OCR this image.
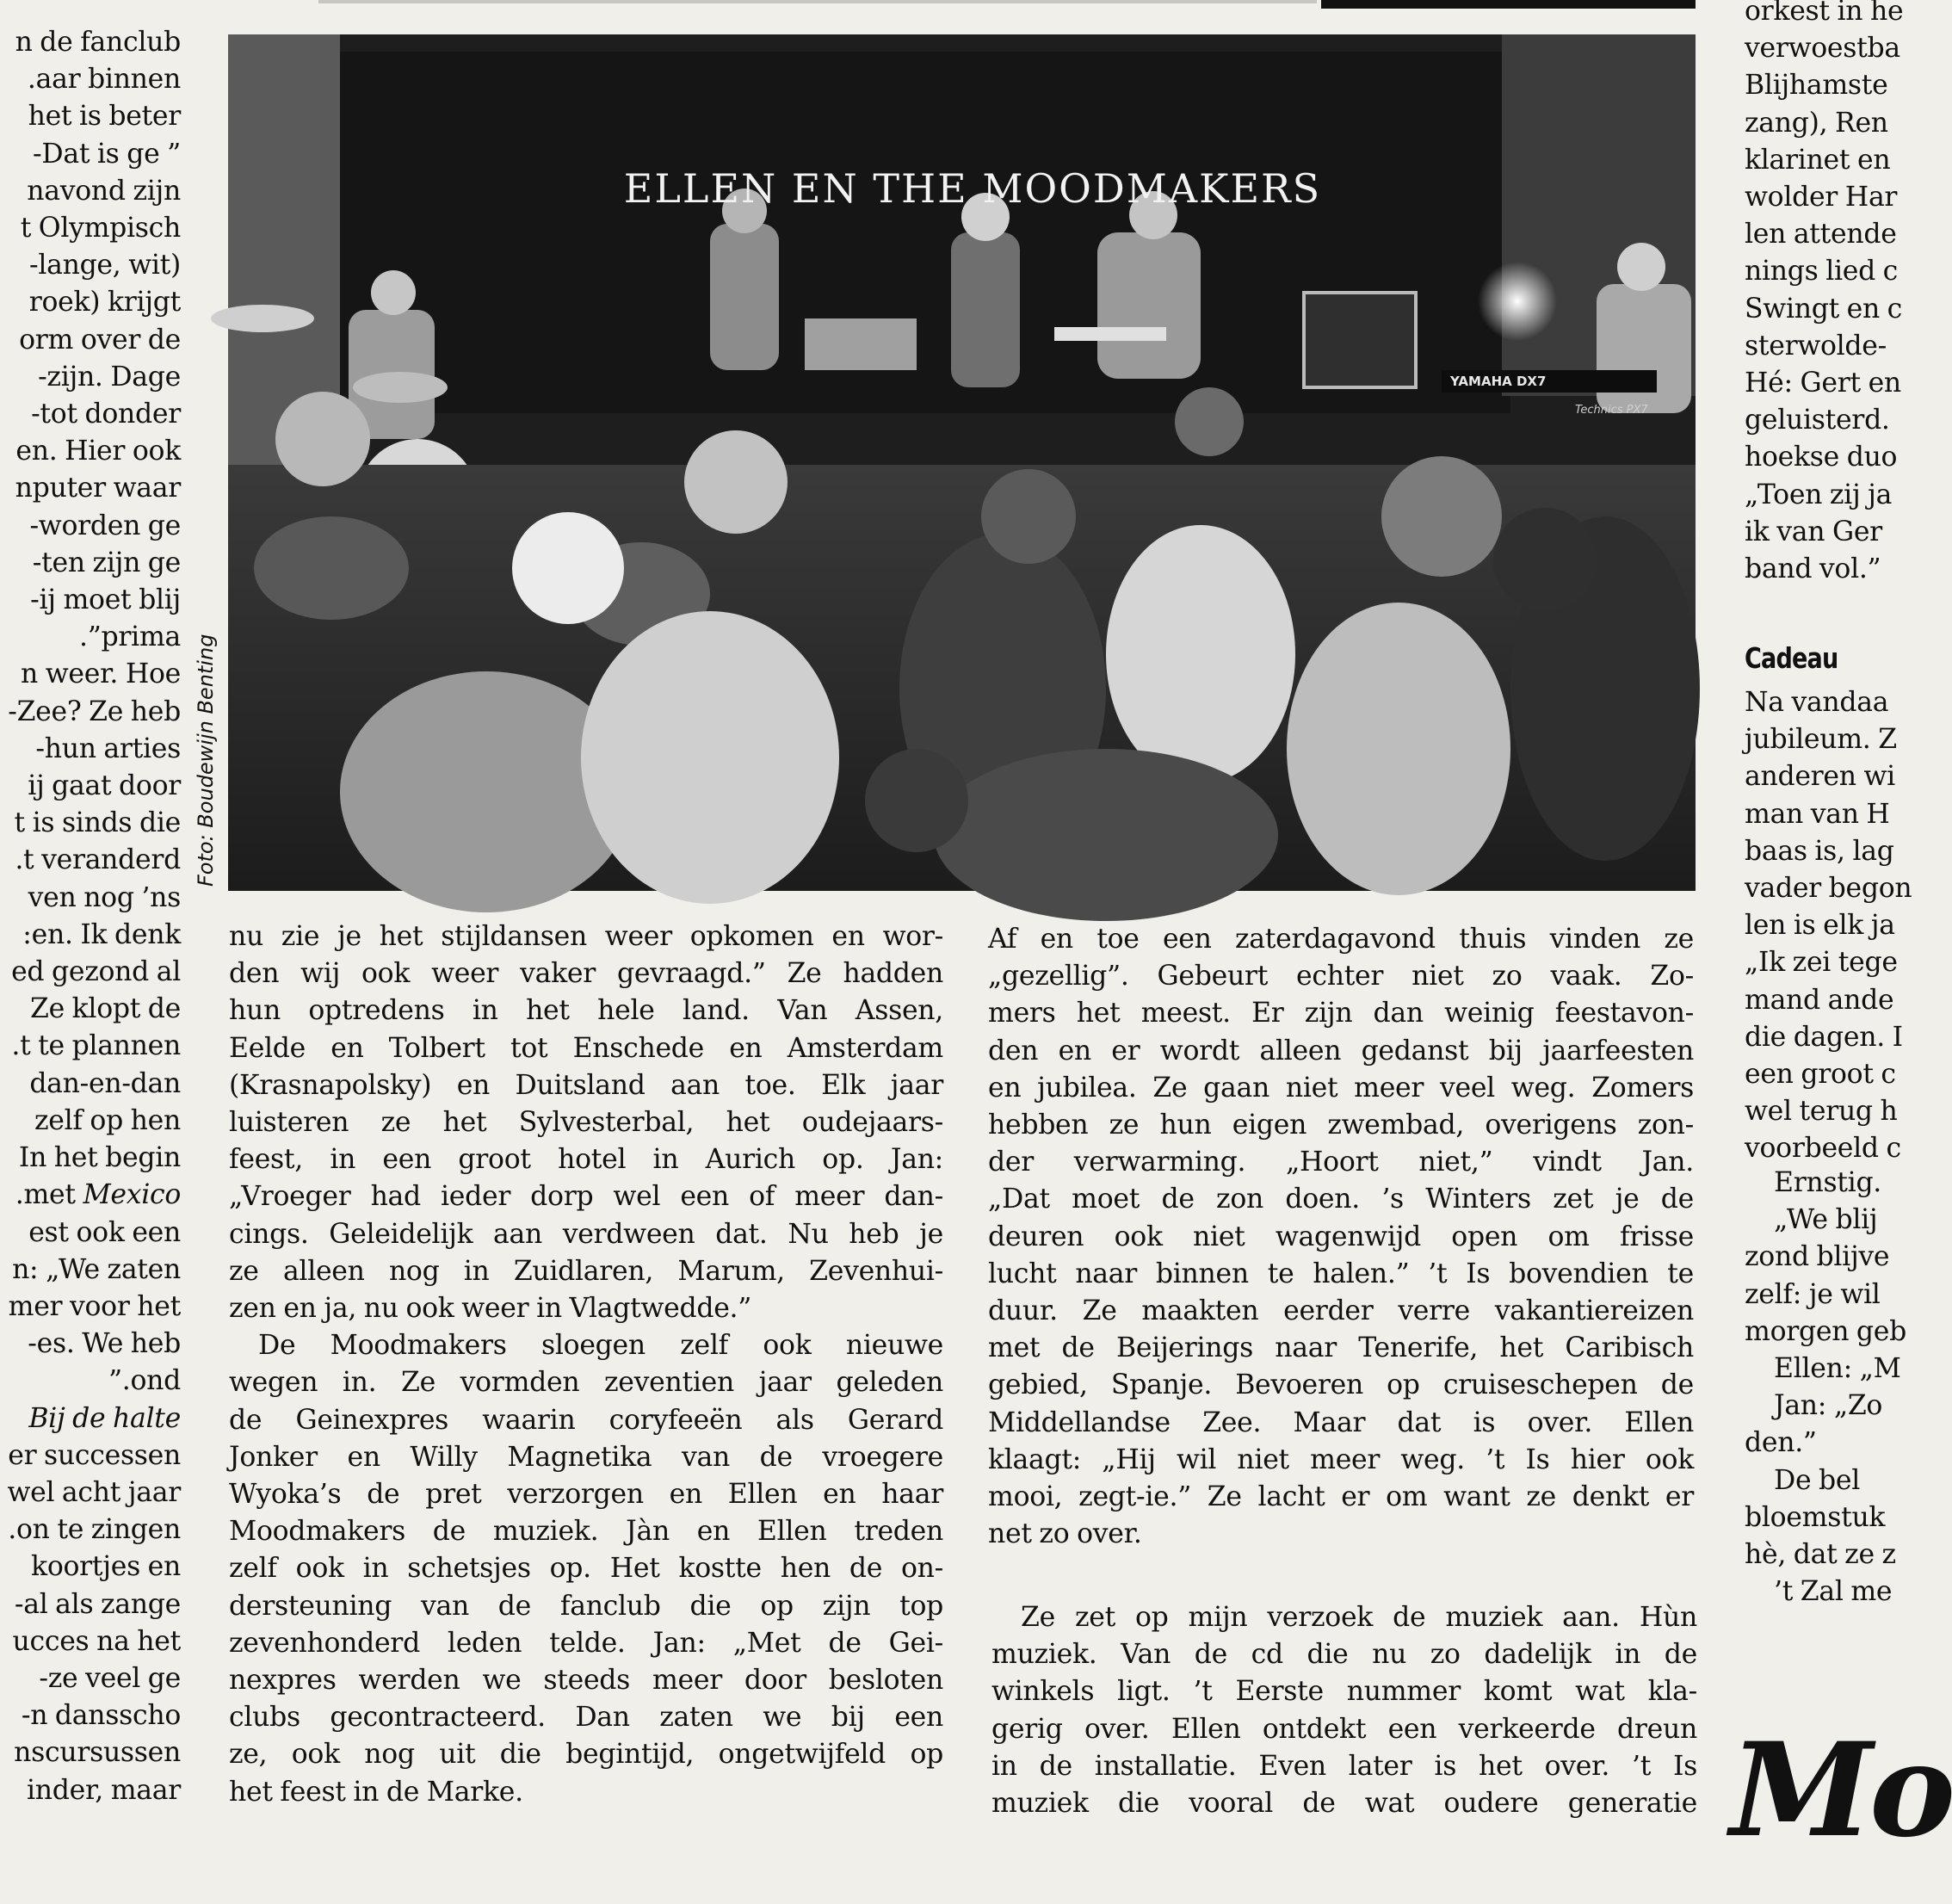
n de fanclub
aar binnen.
het is beter
” Dat is ge-
navond zijn
t Olympisch
(lange, wit-
roek) krijgt
orm over de
zijn. Dage-
tot donder-
en. Hier ook
nputer waar
worden ge-
ten zijn ge-
ij moet blij-
prima”.
n weer. Hoe
Zee? Ze heb-
hun arties-
ij gaat door
t is sinds die
t veranderd.
ven nog ’ns
en. Ik denk:
ed gezond al
Ze klopt de
t te plannen.
dan-en-dan
zelf op hen
In het begin
met Mexico.
est ook een
n: „We zaten
mer voor het
es. We heb-
ond.”
Bij de halte
er successen
wel acht jaar
on te zingen.
koortjes en
al als zange-
ucces na het
ze veel ge-
n dansscho-
nscursussen
inder, maar
ELLEN EN THE MOODMAKERS
YAMAHA DX7
Technics PX7
Foto: Boudewijn Benting
nu zie je het stijldansen weer opkomen en wor-
den wij ook weer vaker gevraagd.” Ze hadden
hun optredens in het hele land. Van Assen,
Eelde en Tolbert tot Enschede en Amsterdam
(Krasnapolsky) en Duitsland aan toe. Elk jaar
luisteren ze het Sylvesterbal, het oudejaars-
feest, in een groot hotel in Aurich op. Jan:
„Vroeger had ieder dorp wel een of meer dan-
cings. Geleidelijk aan verdween dat. Nu heb je
ze alleen nog in Zuidlaren, Marum, Zevenhui-
zen en ja, nu ook weer in Vlagtwedde.”
De Moodmakers sloegen zelf ook nieuwe
wegen in. Ze vormden zeventien jaar geleden
de Geinexpres waarin coryfeeën als Gerard
Jonker en Willy Magnetika van de vroegere
Wyoka’s de pret verzorgen en Ellen en haar
Moodmakers de muziek. Jàn en Ellen treden
zelf ook in schetsjes op. Het kostte hen de on-
dersteuning van de fanclub die op zijn top
zevenhonderd leden telde. Jan: „Met de Gei-
nexpres werden we steeds meer door besloten
clubs gecontracteerd. Dan zaten we bij een
ze, ook nog uit die begintijd, ongetwijfeld op
het feest in de Marke.
Af en toe een zaterdagavond thuis vinden ze
„gezellig”. Gebeurt echter niet zo vaak. Zo-
mers het meest. Er zijn dan weinig feestavon-
den en er wordt alleen gedanst bij jaarfeesten
en jubilea. Ze gaan niet meer veel weg. Zomers
hebben ze hun eigen zwembad, overigens zon-
der verwarming. „Hoort niet,” vindt Jan.
„Dat moet de zon doen. ’s Winters zet je de
deuren ook niet wagenwijd open om frisse
lucht naar binnen te halen.” ’t Is bovendien te
duur. Ze maakten eerder verre vakantiereizen
met de Beijerings naar Tenerife, het Caribisch
gebied, Spanje. Bevoeren op cruiseschepen de
Middellandse Zee. Maar dat is over. Ellen
klaagt: „Hij wil niet meer weg. ’t Is hier ook
mooi, zegt-ie.” Ze lacht er om want ze denkt er
net zo over.
Ze zet op mijn verzoek de muziek aan. Hùn
muziek. Van de cd die nu zo dadelijk in de
winkels ligt. ’t Eerste nummer komt wat kla-
gerig over. Ellen ontdekt een verkeerde dreun
in de installatie. Even later is het over. ’t Is
muziek die vooral de wat oudere generatie
orkest in he
verwoestba
Blijhamste
zang), Ren
klarinet en
wolder Har
len attende
nings lied c
Swingt en c
sterwolde-
Hé: Gert en
geluisterd.
hoekse duo
„Toen zij ja
ik van Ger
band vol.”
Cadeau
Na vandaa
jubileum. Z
anderen wi
man van H
baas is, lag
vader begon
len is elk ja
„Ik zei tege
mand ande
die dagen. I
een groot c
wel terug h
voorbeeld c
Ernstig.
„We blij
zond blijve
zelf: je wil
morgen geb
Ellen: „M
Jan: „Zo
den.”
De bel
bloemstuk
hè, dat ze z
’t Zal me
Mo
